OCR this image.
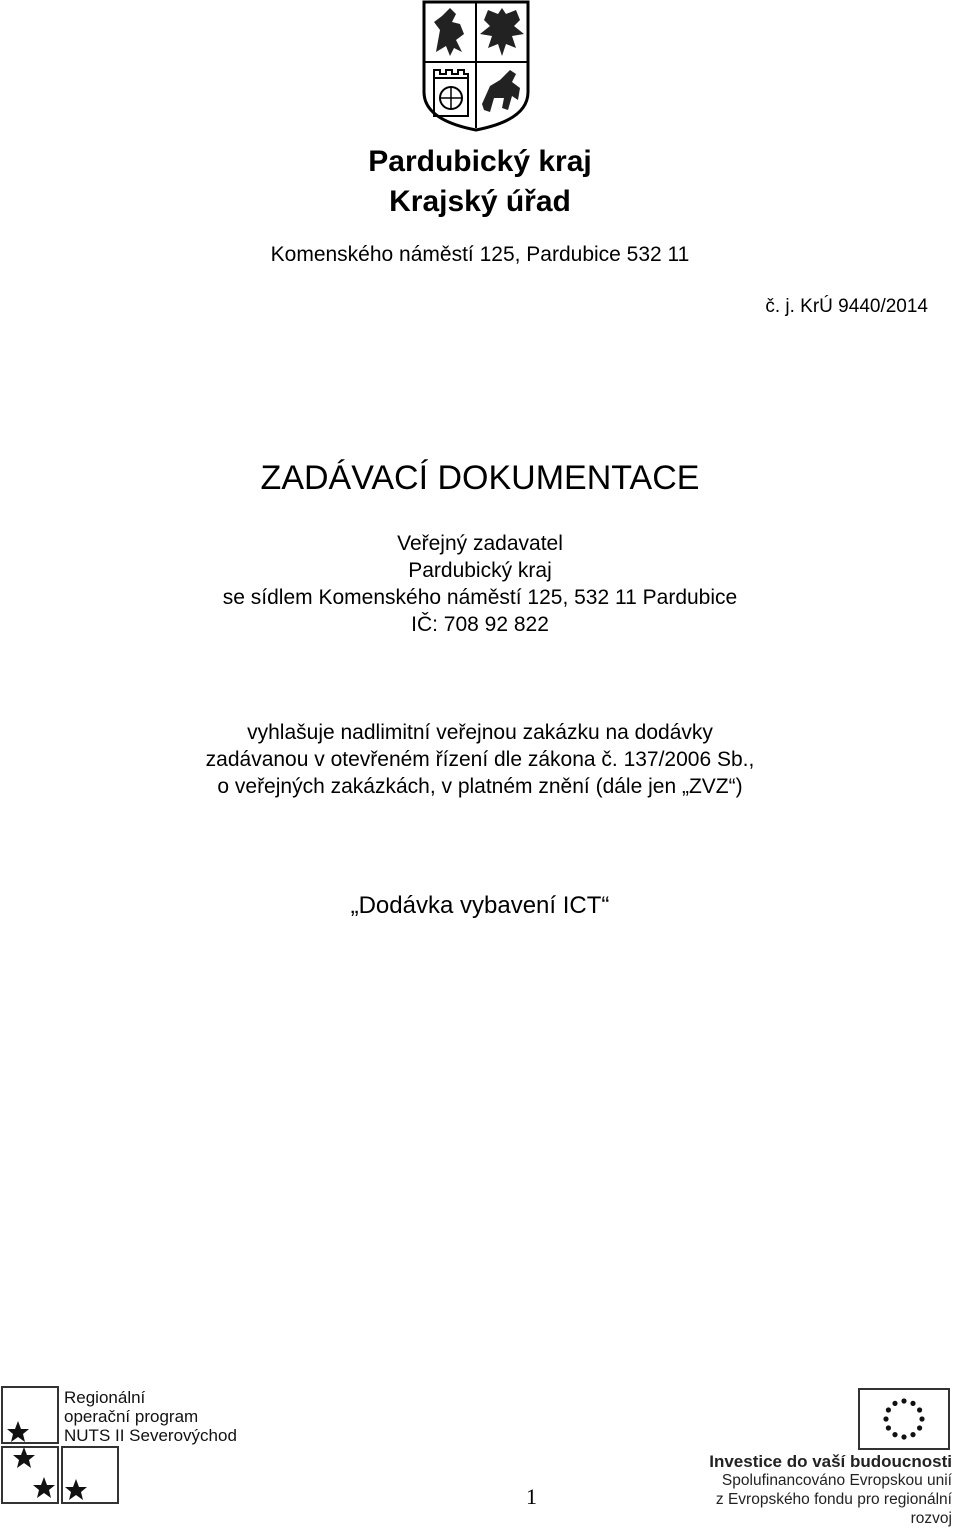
Pardubický kraj
Krajský úřad
Komenského náměstí 125, Pardubice 532 11
č. j. KrÚ 9440/2014
ZADÁVACÍ DOKUMENTACE
Veřejný zadavatel
Pardubický kraj
se sídlem Komenského náměstí 125, 532 11 Pardubice
IČ: 708 92 822
vyhlašuje nadlimitní veřejnou zakázku na dodávky
zadávanou v otevřeném řízení dle zákona č. 137/2006 Sb.,
o veřejných zakázkách, v platném znění (dále jen „ZVZ“)
„Dodávka vybavení ICT“
Regionální
operační program
NUTS II Severovýchod
Investice do vaší budoucnosti
Spolufinancováno Evropskou unií
z Evropského fondu pro regionální rozvoj
1
